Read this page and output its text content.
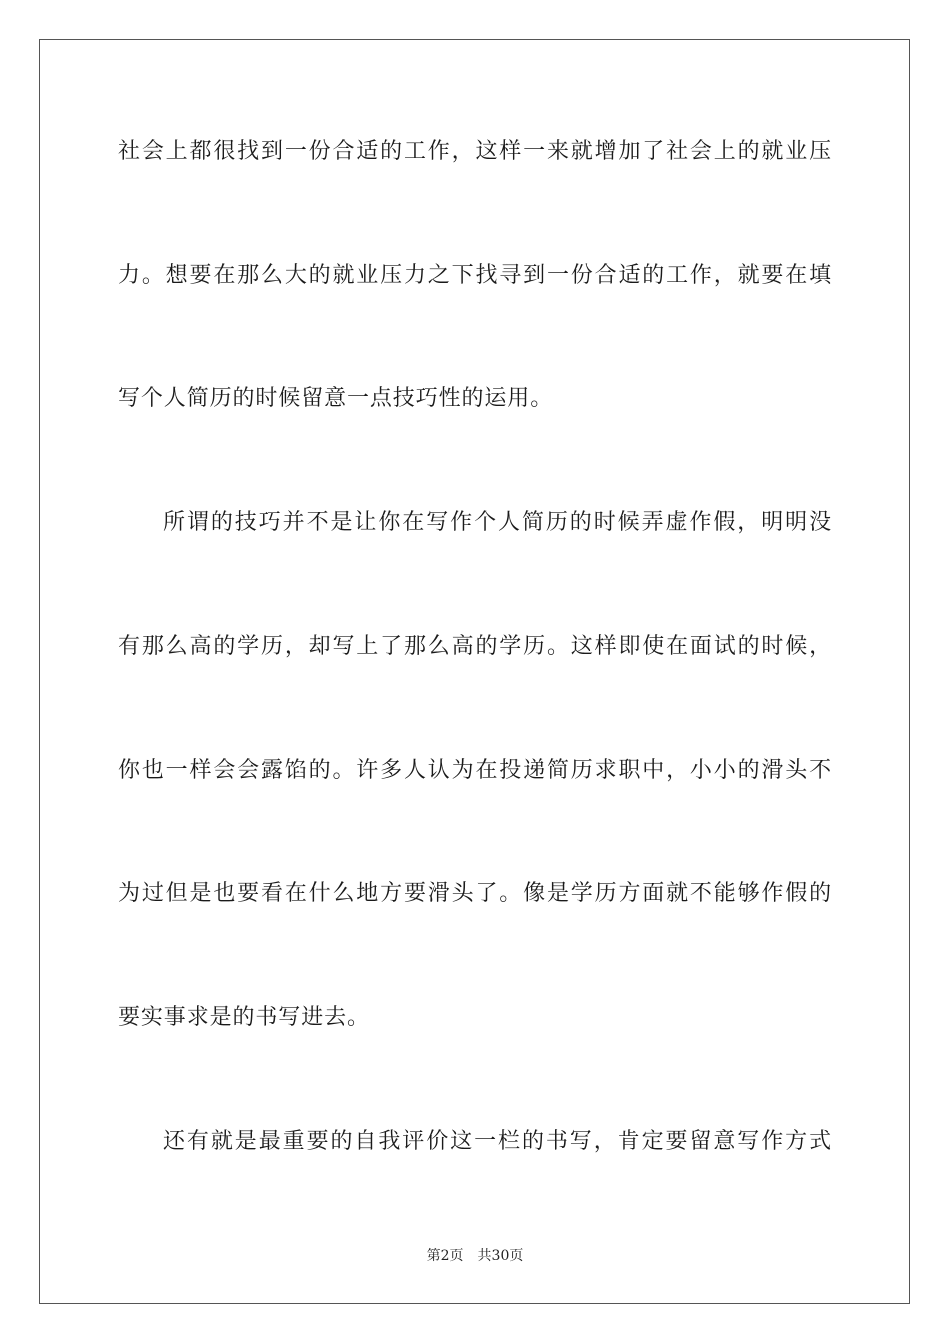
社会上都很找到一份合适的工作，这样一来就增加了社会上的就业压
力。想要在那么大的就业压力之下找寻到一份合适的工作，就要在填
写个人简历的时候留意一点技巧性的运用。
所谓的技巧并不是让你在写作个人简历的时候弄虚作假，明明没
有那么高的学历，却写上了那么高的学历。这样即使在面试的时候，
你也一样会会露馅的。许多人认为在投递简历求职中，小小的滑头不
为过但是也要看在什么地方要滑头了。像是学历方面就不能够作假的
要实事求是的书写进去。
还有就是最重要的自我评价这一栏的书写，肯定要留意写作方式
第2页 共30页
